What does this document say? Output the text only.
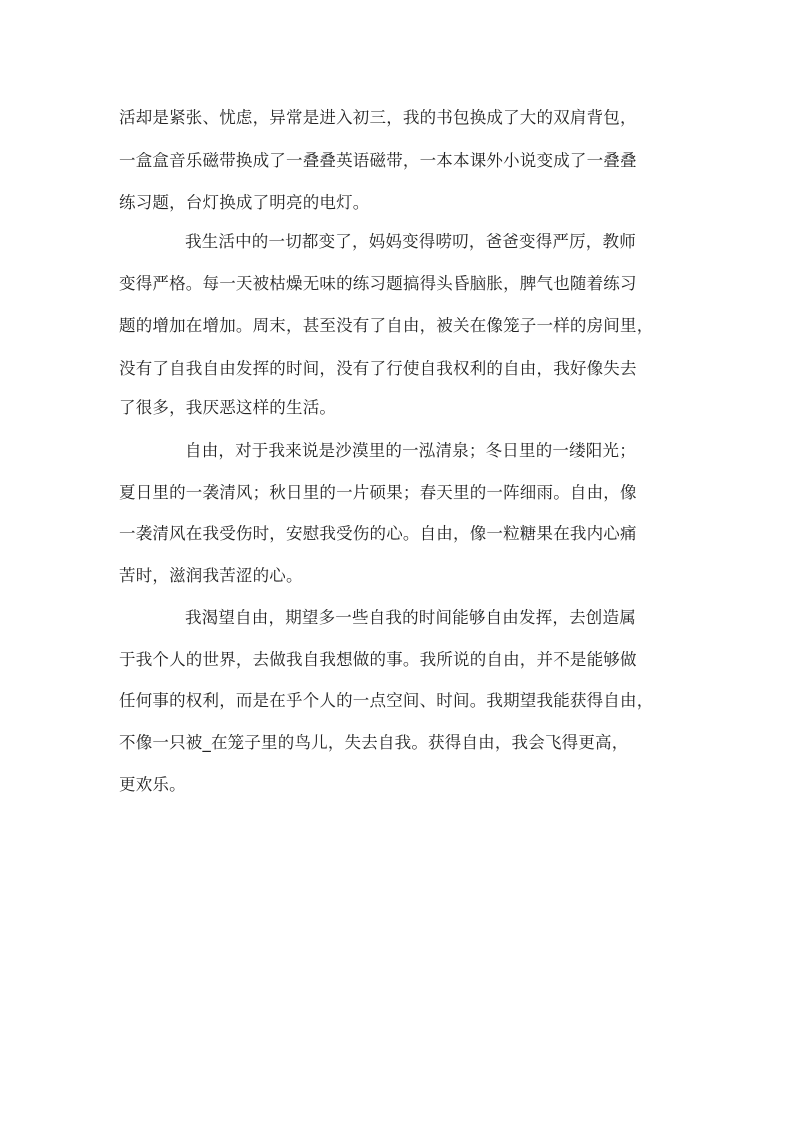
活却是紧张、忧虑，异常是进入初三，我的书包换成了大的双肩背包，
一盒盒音乐磁带换成了一叠叠英语磁带，一本本课外小说变成了一叠叠
练习题，台灯换成了明亮的电灯。
我生活中的一切都变了，妈妈变得唠叨，爸爸变得严厉，教师
变得严格。每一天被枯燥无味的练习题搞得头昏脑胀，脾气也随着练习
题的增加在增加。周末，甚至没有了自由，被关在像笼子一样的房间里，
没有了自我自由发挥的时间，没有了行使自我权利的自由，我好像失去
了很多，我厌恶这样的生活。
自由，对于我来说是沙漠里的一泓清泉；冬日里的一缕阳光；
夏日里的一袭清风；秋日里的一片硕果；春天里的一阵细雨。自由，像
一袭清风在我受伤时，安慰我受伤的心。自由，像一粒糖果在我内心痛
苦时，滋润我苦涩的心。
我渴望自由，期望多一些自我的时间能够自由发挥，去创造属
于我个人的世界，去做我自我想做的事。我所说的自由，并不是能够做
任何事的权利，而是在乎个人的一点空间、时间。我期望我能获得自由，
不像一只被_在笼子里的鸟儿，失去自我。获得自由，我会飞得更高，
更欢乐。
